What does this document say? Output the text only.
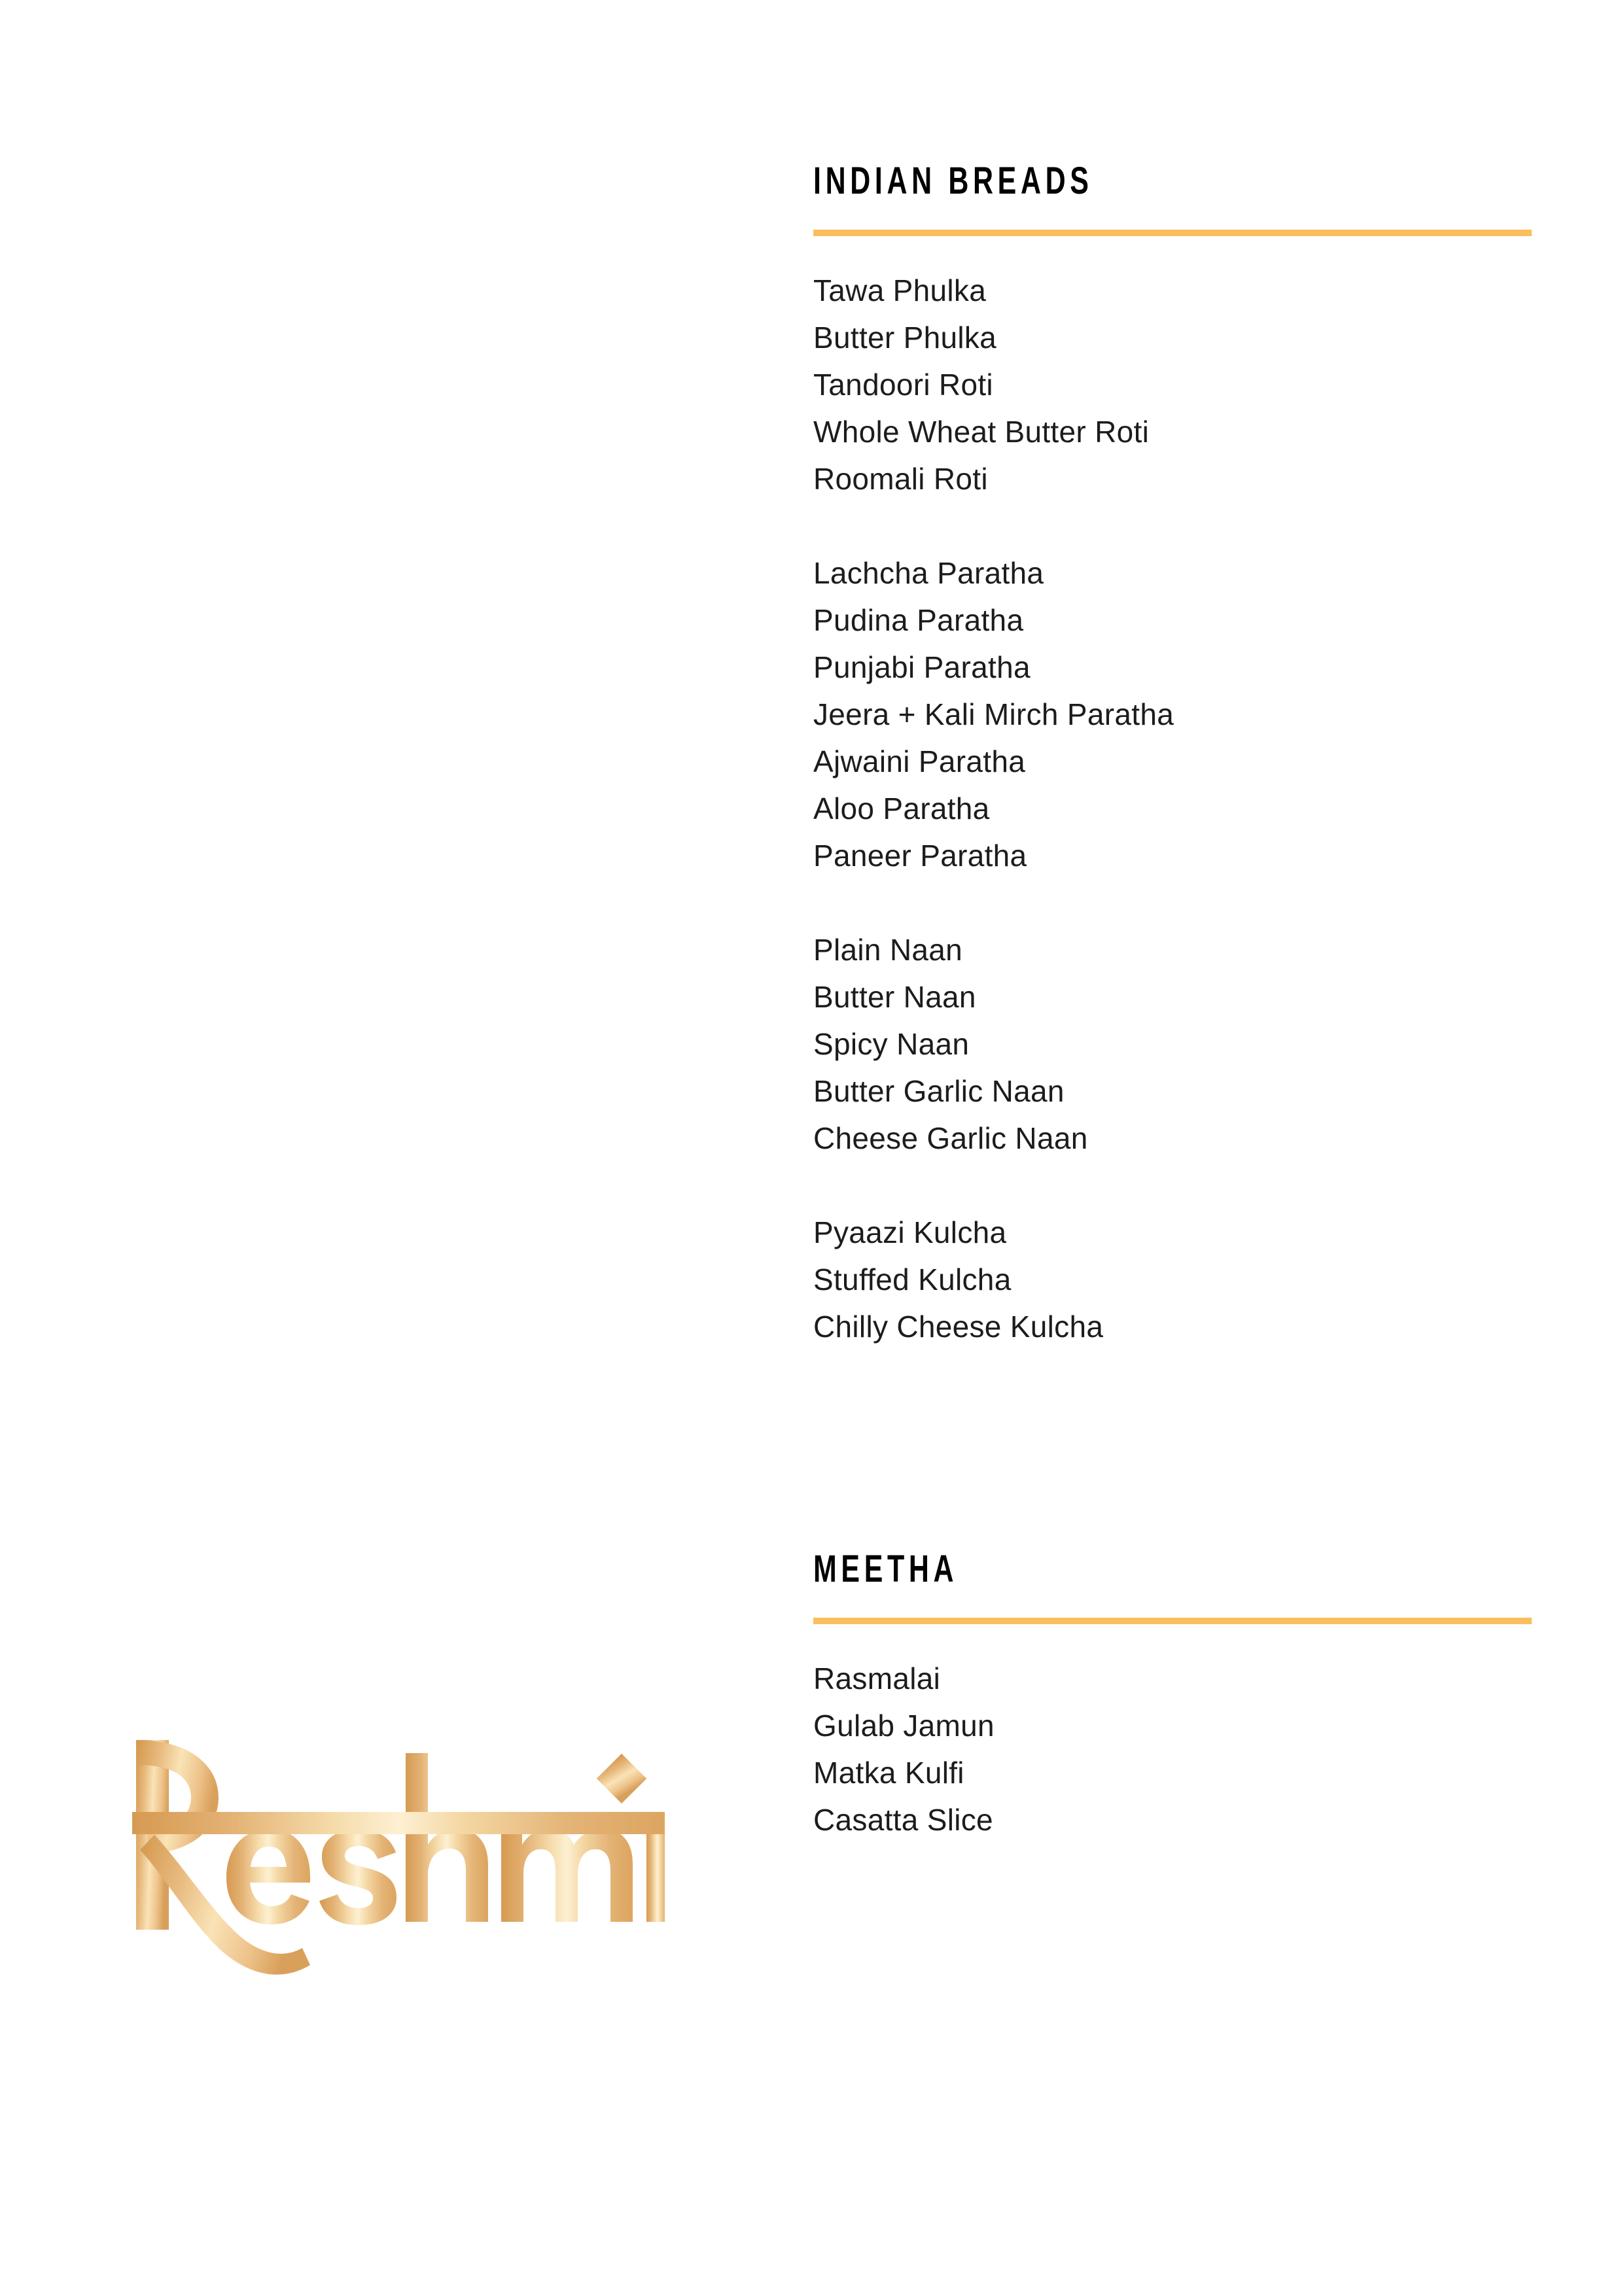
INDIAN BREADS
Tawa Phulka
Butter Phulka
Tandoori Roti
Whole Wheat Butter Roti
Roomali Roti
Lachcha Paratha
Pudina Paratha
Punjabi Paratha
Jeera + Kali Mirch Paratha
Ajwaini Paratha
Aloo Paratha
Paneer Paratha
Plain Naan
Butter Naan
Spicy Naan
Butter Garlic Naan
Cheese Garlic Naan
Pyaazi Kulcha
Stuffed Kulcha
Chilly Cheese Kulcha
MEETHA
Rasmalai
Gulab Jamun
Matka Kulfi
Casatta Slice
